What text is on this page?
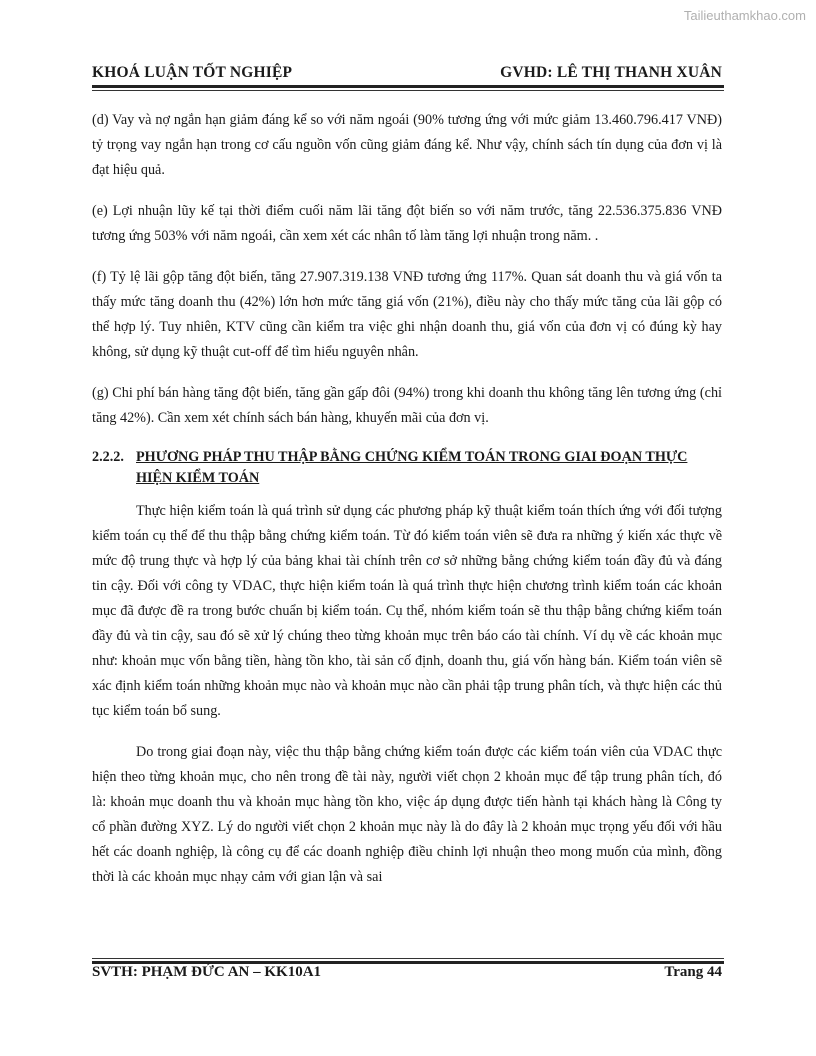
Tailieuthamkhao.com
KHOÁ LUẬN TỐT NGHIỆP	GVHD: LÊ THỊ THANH XUÂN

(d) Vay và nợ ngắn hạn giảm đáng kể so với năm ngoái (90% tương ứng với mức giảm 13.460.796.417 VNĐ) tỷ trọng vay ngắn hạn trong cơ cấu nguồn vốn cũng giảm đáng kể. Như vậy, chính sách tín dụng của đơn vị là đạt hiệu quả.

(e) Lợi nhuận lũy kế tại thời điểm cuối năm lãi tăng đột biến so với năm trước, tăng 22.536.375.836 VNĐ tương ứng 503% với năm ngoái, cần xem xét các nhân tố làm tăng lợi nhuận trong năm. .

(f) Tỷ lệ lãi gộp tăng đột biến, tăng 27.907.319.138 VNĐ tương ứng 117%. Quan sát doanh thu và giá vốn ta thấy mức tăng doanh thu (42%) lớn hơn mức tăng giá vốn (21%), điều này cho thấy mức tăng của lãi gộp có thể hợp lý. Tuy nhiên, KTV cũng cần kiểm tra việc ghi nhận doanh thu, giá vốn của đơn vị có đúng kỳ hay không, sử dụng kỹ thuật cut-off để tìm hiểu nguyên nhân.

(g) Chi phí bán hàng tăng đột biến, tăng gần gấp đôi (94%) trong khi doanh thu không tăng lên tương ứng (chỉ tăng 42%). Cần xem xét chính sách bán hàng, khuyến mãi của đơn vị.

2.2.2. PHƯƠNG PHÁP THU THẬP BẰNG CHỨNG KIỂM TOÁN TRONG GIAI ĐOẠN THỰC HIỆN KIỂM TOÁN

Thực hiện kiểm toán là quá trình sử dụng các phương pháp kỹ thuật kiểm toán thích ứng với đối tượng kiểm toán cụ thể để thu thập bằng chứng kiểm toán. Từ đó kiểm toán viên sẽ đưa ra những ý kiến xác thực về mức độ trung thực và hợp lý của bảng khai tài chính trên cơ sở những bằng chứng kiểm toán đầy đủ và đáng tin cậy. Đối với công ty VDAC, thực hiện kiểm toán là quá trình thực hiện chương trình kiểm toán các khoản mục đã được đề ra trong bước chuẩn bị kiểm toán. Cụ thể, nhóm kiểm toán sẽ thu thập bằng chứng kiểm toán đầy đủ và tin cậy, sau đó sẽ xử lý chúng theo từng khoản mục trên báo cáo tài chính. Ví dụ về các khoản mục như: khoản mục vốn bằng tiền, hàng tồn kho, tài sản cố định, doanh thu, giá vốn hàng bán. Kiểm toán viên sẽ xác định kiểm toán những khoản mục nào và khoản mục nào cần phải tập trung phân tích, và thực hiện các thủ tục kiểm toán bổ sung.

Do trong giai đoạn này, việc thu thập bằng chứng kiểm toán được các kiểm toán viên của VDAC thực hiện theo từng khoản mục, cho nên trong đề tài này, người viết chọn 2 khoản mục để tập trung phân tích, đó là: khoản mục doanh thu và khoản mục hàng tồn kho, việc áp dụng được tiến hành tại khách hàng là Công ty cổ phần đường XYZ. Lý do người viết chọn 2 khoản mục này là do đây là 2 khoản mục trọng yếu đối với hầu hết các doanh nghiệp, là công cụ để các doanh nghiệp điều chỉnh lợi nhuận theo mong muốn của mình, đồng thời là các khoản mục nhạy cảm với gian lận và sai

SVTH: PHẠM ĐỨC AN – KK10A1	Trang 44
